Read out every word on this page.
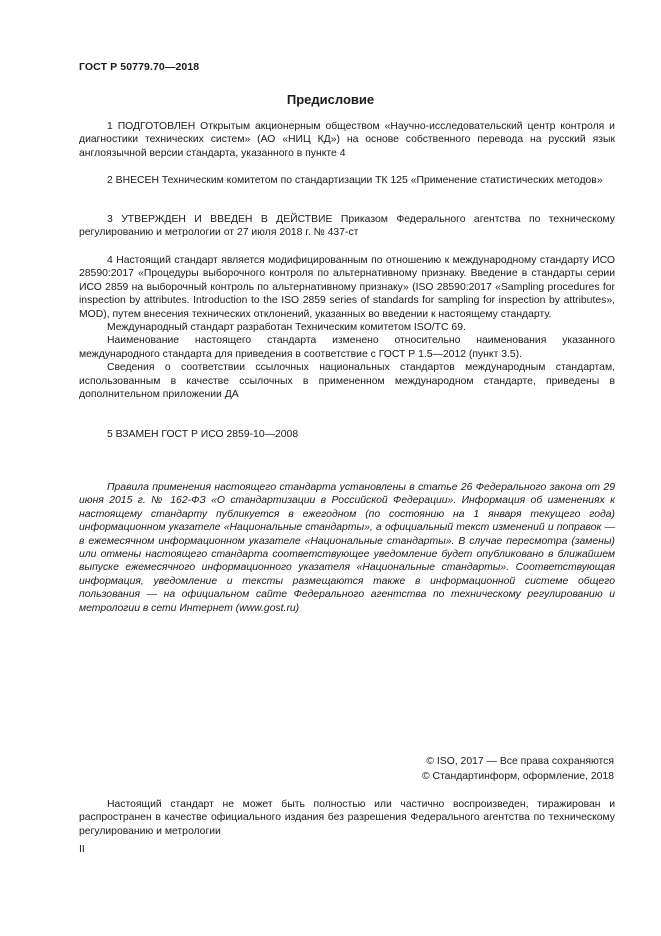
ГОСТ Р 50779.70—2018
Предисловие

1 ПОДГОТОВЛЕН Открытым акционерным обществом «Научно-исследовательский центр контроля и диагностики технических систем» (АО «НИЦ КД») на основе собственного перевода на русский язык англоязычной версии стандарта, указанного в пункте 4

2 ВНЕСЕН Техническим комитетом по стандартизации ТК 125 «Применение статистических методов»

3 УТВЕРЖДЕН И ВВЕДЕН В ДЕЙСТВИЕ Приказом Федерального агентства по техническому регулированию и метрологии от 27 июля 2018 г. № 437-ст

4 Настоящий стандарт является модифицированным по отношению к международному стандарту ИСО 28590:2017 «Процедуры выборочного контроля по альтернативному признаку. Введение в стандарты серии ИСО 2859 на выборочный контроль по альтернативному признаку» (ISO 28590:2017 «Sampling procedures for inspection by attributes. Introduction to the ISO 2859 series of standards for sampling for inspection by attributes», MOD), путем внесения технических отклонений, указанных во введении к настоящему стандарту.

Международный стандарт разработан Техническим комитетом ISO/TC 69.

Наименование настоящего стандарта изменено относительно наименования указанного международного стандарта для приведения в соответствие с ГОСТ Р 1.5—2012 (пункт 3.5).

Сведения о соответствии ссылочных национальных стандартов международным стандартам, использованным в качестве ссылочных в примененном международном стандарте, приведены в дополнительном приложении ДА

5 ВЗАМЕН ГОСТ Р ИСО 2859-10—2008

Правила применения настоящего стандарта установлены в статье 26 Федерального закона от 29 июня 2015 г. № 162-ФЗ «О стандартизации в Российской Федерации». Информация об изменениях к настоящему стандарту публикуется в ежегодном (по состоянию на 1 января текущего года) информационном указателе «Национальные стандарты», а официальный текст изменений и поправок — в ежемесячном информационном указателе «Национальные стандарты». В случае пересмотра (замены) или отмены настоящего стандарта соответствующее уведомление будет опубликовано в ближайшем выпуске ежемесячного информационного указателя «Национальные стандарты». Соответствующая информация, уведомление и тексты размещаются также в информационной системе общего пользования — на официальном сайте Федерального агентства по техническому регулированию и метрологии в сети Интернет (www.gost.ru)
© ISO, 2017 — Все права сохраняются
© Стандартинформ, оформление, 2018
Настоящий стандарт не может быть полностью или частично воспроизведен, тиражирован и распространен в качестве официального издания без разрешения Федерального агентства по техническому регулированию и метрологии
II
